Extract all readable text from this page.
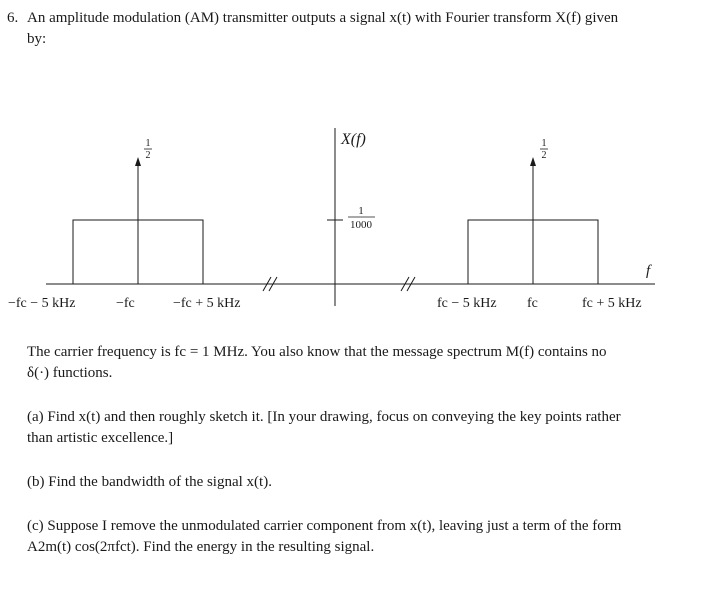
6. An amplitude modulation (AM) transmitter outputs a signal x(t) with Fourier transform X(f) given
by:
1
2
1
2
1
1000
X(f)
f
−fc − 5 kHz	−fc	−fc + 5 kHz	fc − 5 kHz fc	fc + 5 kHz
The carrier frequency is fc = 1 MHz. You also know that the message spectrum M(f) contains no
δ(·) functions.
(a) Find x(t) and then roughly sketch it. [In your drawing, focus on conveying the key points rather
than artistic excellence.]
(b) Find the bandwidth of the signal x(t).
(c) Suppose I remove the unmodulated carrier component from x(t), leaving just a term of the form
A2m(t) cos(2πfct). Find the energy in the resulting signal.
